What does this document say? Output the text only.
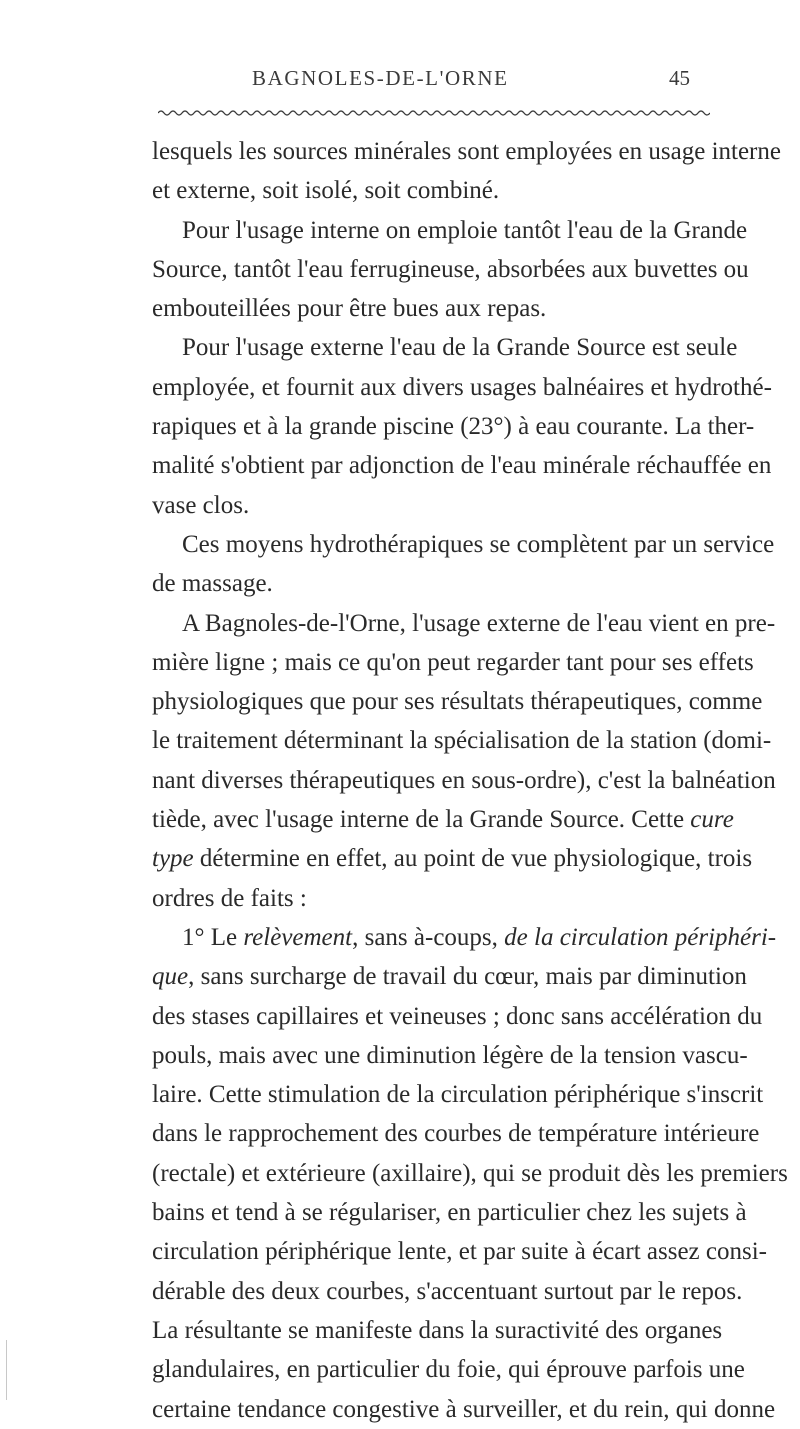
BAGNOLES-DE-L'ORNE	45
lesquels les sources minérales sont employées en usage interne
et externe, soit isolé, soit combiné.
Pour l'usage interne on emploie tantôt l'eau de la Grande
Source, tantôt l'eau ferrugineuse, absorbées aux buvettes ou
embouteillées pour être bues aux repas.
Pour l'usage externe l'eau de la Grande Source est seule
employée, et fournit aux divers usages balnéaires et hydrothé-
rapiques et à la grande piscine (23°) à eau courante. La ther-
malité s'obtient par adjonction de l'eau minérale réchauffée en
vase clos.
Ces moyens hydrothérapiques se complètent par un service
de massage.
A Bagnoles-de-l'Orne, l'usage externe de l'eau vient en pre-
mière ligne ; mais ce qu'on peut regarder tant pour ses effets
physiologiques que pour ses résultats thérapeutiques, comme
le traitement déterminant la spécialisation de la station (domi-
nant diverses thérapeutiques en sous-ordre), c'est la balnéation
tiède, avec l'usage interne de la Grande Source. Cette cure
type détermine en effet, au point de vue physiologique, trois
ordres de faits :
1° Le relèvement, sans à-coups, de la circulation périphéri-
que, sans surcharge de travail du cœur, mais par diminution
des stases capillaires et veineuses ; donc sans accélération du
pouls, mais avec une diminution légère de la tension vascu-
laire. Cette stimulation de la circulation périphérique s'inscrit
dans le rapprochement des courbes de température intérieure
(rectale) et extérieure (axillaire), qui se produit dès les premiers
bains et tend à se régulariser, en particulier chez les sujets à
circulation périphérique lente, et par suite à écart assez consi-
dérable des deux courbes, s'accentuant surtout par le repos.
La résultante se manifeste dans la suractivité des organes
glandulaires, en particulier du foie, qui éprouve parfois une
certaine tendance congestive à surveiller, et du rein, qui donne
